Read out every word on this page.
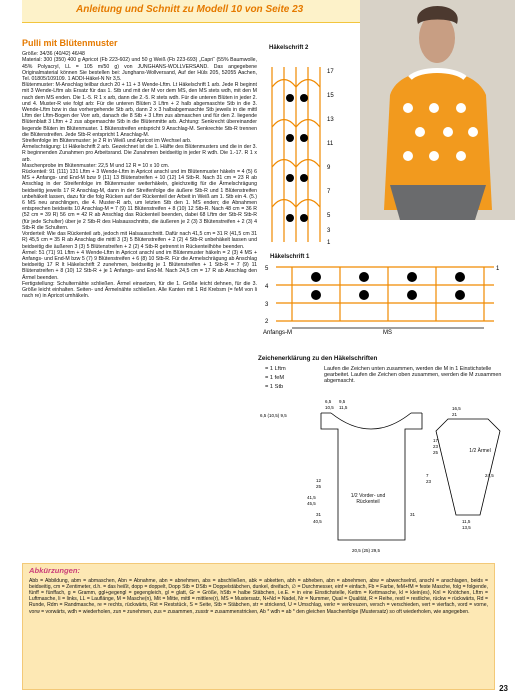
Anleitung und Schnitt zu Modell 10 von Seite 23
Pulli mit Blütenmuster

Größe: 34/36 (40/42) 46/48

Material: 300 (350) 400 g Apricot (Fb 223-602) und 50 g Weiß (Fb 223-693) „Capri“ (55% Baumwolle, 45% Polyacryl, LL = 105 m/50 g) von JUNGHANS-WOLLVERSAND. Das angegebene Originalmaterial können Sie bestellen bei: Junghans-Wollversand, Auf der Hüls 205, 52055 Aachen, Tel. 01805/109109. 1 ADDI-Häkel-N Nr 3,5.

Blütenmuster: M-Anschlag teilbar durch 20 + 11 + 3 Wende-Lftm. Lt Häkelschrift 1 arb. Jede R beginnt mit 3 Wende-Lftm als Ersatz für das 1. Stb und mit der M vor dem MS, den MS stets wdh, mit den M nach dem MS enden. Die 1.-5. R 1 x arb, dann die 2.-5. R stets wdh. Für die unteren Blüten in jeder 2. und 4. Muster-R wie folgt arb: Für die unteren Blüten 3 Lftm + 2 halb abgemaschte Stb in die 3. Wende-Lftm bzw in das vorhergehende Stb arb, dann 2 x 3 halbabgemaschte Stb jeweils in die mittl Lftm der Lftm-Bogen der Vorr arb, danach die 8 Stb + 3 Lftm zus abmaschen und für den 2. liegende Blütenblatt 3 Lftm + 2 zus abgemaschte Stb in die Blütenmitte arb. Achtung: Senkrecht übereinander liegende Blüten im Blütenmuster. 1 Blütenstreifen entspricht 9 Anschlag-M. Senkrechte Stb-R trennen die Blütenstreifen. Jede Stb-R entspricht 1 Anschlag-M.

Streifenfolge im Blütenmuster: je 2 R in Weiß und Apricot im Wechsel arb.

Ärmelschrägung: Lt Häkelschrift 2 arb. Gezeichnet ist die 1. Hälfte des Blütenmusters und die in der 3. R beginnenden Zunahmen pro Arbeitsrand. Die Zunahmen beidseitig in jeder R wdh. Die 1.-17. R 1 x arb.

Maschenprobe im Blütenmuster: 22,5 M und 12 R = 10 x 10 cm.

Rückenteil: 91 (111) 131 Lftm + 3 Wende-Lftm in Apricot anschl und im Blütenmuster häkeln = 4 (5) 6 MS + Anfangs- und End-M bzw 9 (11) 13 Blütenstreifen + 10 (12) 14 Stb-R. Nach 31 cm = 23 R ab Anschlag in der Streifenfolge im Blütenmuster weiterhäkeln, gleichzeitig für die Ärmelschrägung beidseitig jeweils 17 R Anschlag-M, dann in der Streifenfolge die äußere Stb-R und 1 Blütenstreifen unbehäkelt lassen, dazu für die folg Rücken auf der Rückenteil der Arbeit in Weiß am 1. Stb ein 4. (5.) 6 MS neu anschlingen, die 4. Muster-R arb, um letzten Stb den 1. MS enden; die Abnahmen entsprechen beidseits 10 Anschlag-M = 7 (9) 11 Blütenstreifen + 8 (10) 12 Stb-R. Nach 48 cm = 36 R (52 cm = 39 R) 56 cm = 42 R ab Anschlag das Rückenteil beenden, dabei 68 Lftm der Stb-R Stb-R (für jede Schulter) über je 2 Stb-R des Halsausschnitts, die äußeren je 2 (3) 3 Blütenstreifen + 2 (3) 4 Stb-R die Schultern.

Vorderteil: Wie das Rückenteil arb, jedoch mit Halsausschnitt. Dafür nach 41,5 cm = 31 R (41,5 cm 31 R) 45,5 cm = 35 R ab Anschlag die mittl 3 (3) 5 Blütenstreifen + 2 (2) 4 Stb-R unbehäkelt lassen und beidseitig die äußeren 3 (3) 5 Blütenstreifen + 2 (2) 4 Stb-R getrennt in Rückenteilhöhe beenden.

Ärmel: 51 (71) 91 Lftm + 4 Wende-Lftm in Apricot anschl und im Blütenmuster häkeln = 2 (3) 4 MS + Anfangs- und End-M bzw 5 (7) 9 Blütenstreifen + 6 (8) 10 Stb-R. Für die Armelschrägung ab Anschlag beidseitig 17 R lt Häkelschrift 2 zunehmen, beidseitig je 1 Blütenstreifen + 1 Stb-R = 7 (9) 11 Blütenstreifen + 8 (10) 12 Stb-R + je 1 Anfangs- und End-M. Nach 24,5 cm = 17 R ab Anschlag den Ärmel beenden.

Fertigstellung: Schulternähte schließen. Ärmel einsetzen, für die 1. Größe leicht dehnen, für die 3. Größe leicht einhalten. Seiten- und Ärmelnähte schließen. Alle Kanten mit 1 Rd Krebsm (= feM von li nach re) in Apricot umhäkeln.

Häkelschrift 2
17
15
13
11
9
7
5
3
1
Häkelschrift 1
5
4
3
2
1
Anfangs-M	MS
Zeichenerklärung zu den Häkelschriften
= 1 Lftm
= 1 feM
= 1 Stb
Laufen die Zeichen unten zusammen, werden die M in 1 Einstichstelle gearbeitet. Laufen die Zeichen oben zusammen, werden die M zusammen abgemascht.
6,5 9,5
10,5 11,5
6,5 (10,5) 9,5
41,5
45,5
12
25
31	31
40,5
20,5 (25) 29,5
16,5
21
17
23
25
24,5
11,5
13,5
7
23
1/2 Vorder- und Rückenteil
1/2 Ärmel
Abkürzungen:
Abb = Abbildung, abm = abmaschen, Abn = Abnahme, abn = abnehmen, abs = abschließen, abk = abketten, abh = abheben, abn = abnehmen, abw = abwechselnd, anschl = anschlagen, beids = beidseitig, cm = Zentimeter, d.h. = das heißt, dopp = doppelt, Dopp Stb = DStb = Doppelstäbchen, dunkel, dreifach, ∅ = Durchmesser, einf = einfach, Fb = Farbe, feM+fM = feste Masche, folg = folgende, fünff = fünffach, g = Gramm, ggl+gegengl = gegengleich, gl = glatt, Gr = Größe, hStb = halbe Stäbchen, i.e.E. = in eine Einstichstelle, Kettm = Kettmasche, kl = klein(es), Knl = Knötchen, Lftm = Luftmasche, li = links, LL = Lauflänge, M = Masche(n), Mit = Mitte, mittl = mittlere(r), MS = Mustersatz, N+Nd = Nadel, Nr = Nummer, Qual = Qualität, R = Reihe, restl = restliche, rückw = rückwärts, Rd = Runde, Rdm = Randmasche, re = rechts, rückwärts, Rst = Reststück, S = Seite, Stb = Stäbchen, str = strickend, U = Umschlag, verkr = verkreuzen, versch = verschieden, vert = vierfach, vord = vorne, vorw = vorwärts, wdh = wiederholen, zun = zunehmen, zus = zusammen, zusstr = zusammenstricken, Ab * wdh = ab * den gleichen Maschenfolge (Mustersatz) so oft wiederholen, wie angegeben.
23
